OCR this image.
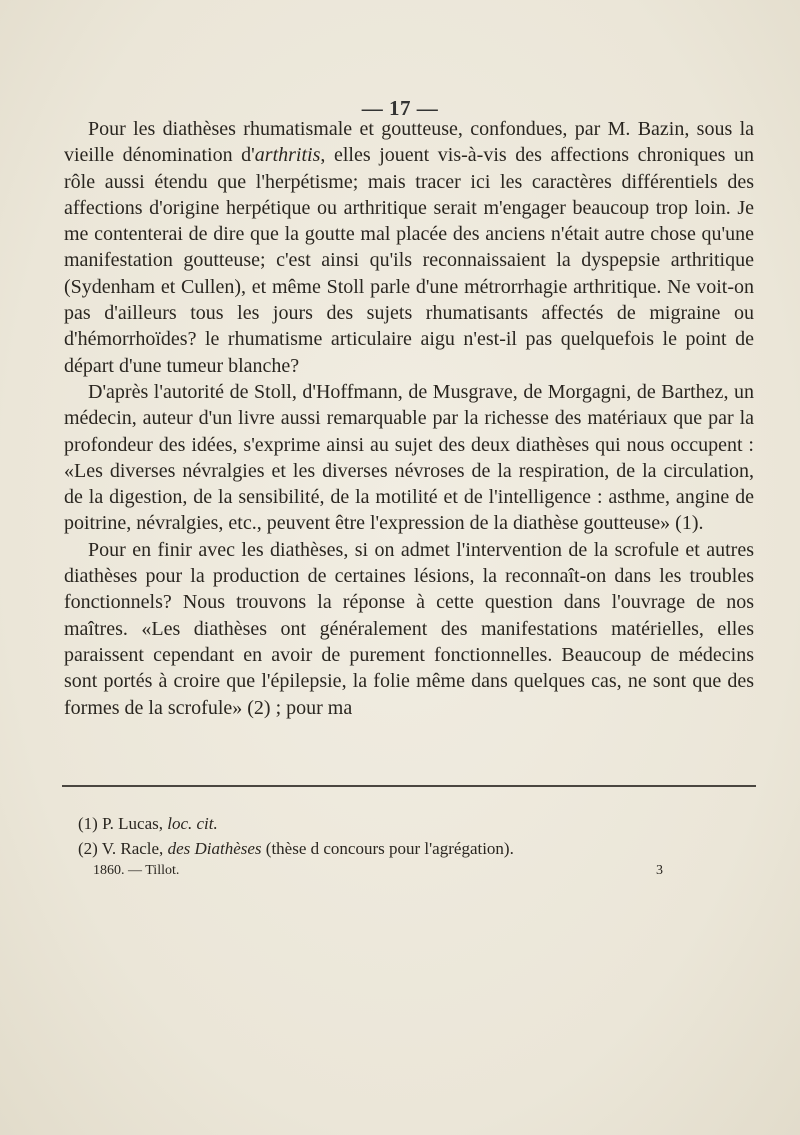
— 17 —

Pour les diathèses rhumatismale et goutteuse, confondues, par M. Bazin, sous la vieille dénomination d'arthritis, elles jouent vis-à-vis des affections chroniques un rôle aussi étendu que l'herpétisme; mais tracer ici les caractères différentiels des affections d'origine herpétique ou arthritique serait m'engager beaucoup trop loin. Je me contenterai de dire que la goutte mal placée des anciens n'était autre chose qu'une manifestation goutteuse; c'est ainsi qu'ils reconnaissaient la dyspepsie arthritique (Sydenham et Cullen), et même Stoll parle d'une métrorrhagie arthritique. Ne voit-on pas d'ailleurs tous les jours des sujets rhumatisants affectés de migraine ou d'hémorrhoïdes? le rhumatisme articulaire aigu n'est-il pas quelquefois le point de départ d'une tumeur blanche?

D'après l'autorité de Stoll, d'Hoffmann, de Musgrave, de Morgagni, de Barthez, un médecin, auteur d'un livre aussi remarquable par la richesse des matériaux que par la profondeur des idées, s'exprime ainsi au sujet des deux diathèses qui nous occupent : «Les diverses névralgies et les diverses névroses de la respiration, de la circulation, de la digestion, de la sensibilité, de la motilité et de l'intelligence : asthme, angine de poitrine, névralgies, etc., peuvent être l'expression de la diathèse goutteuse» (1).

Pour en finir avec les diathèses, si on admet l'intervention de la scrofule et autres diathèses pour la production de certaines lésions, la reconnaît-on dans les troubles fonctionnels? Nous trouvons la réponse à cette question dans l'ouvrage de nos maîtres. «Les diathèses ont généralement des manifestations matérielles, elles paraissent cependant en avoir de purement fonctionnelles. Beaucoup de médecins sont portés à croire que l'épilepsie, la folie même dans quelques cas, ne sont que des formes de la scrofule» (2) ; pour ma

(1) P. Lucas, loc. cit.
(2) V. Racle, des Diathèses (thèse d concours pour l'agrégation).
1860. — Tillot.	3
